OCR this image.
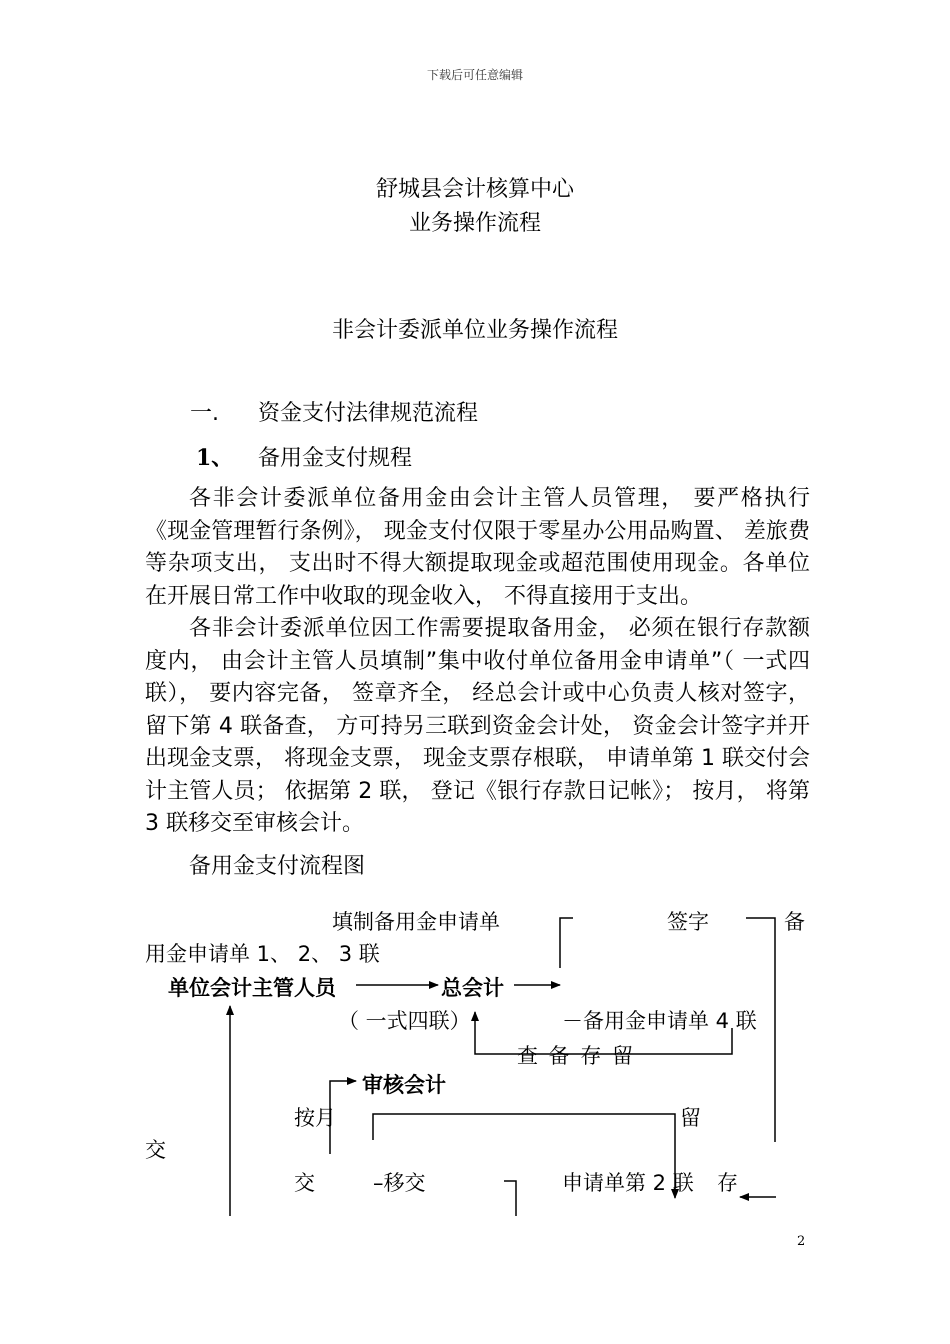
下载后可任意编辑
舒城县会计核算中心
业务操作流程
非会计委派单位业务操作流程
一. 资金支付法律规范流程
1、 备用金支付规程

各非会计委派单位备用金由会计主管人员管理， 要严格执行《现金管理暂行条例》， 现金支付仅限于零星办公用品购置、 差旅费等杂项支出， 支出时不得大额提取现金或超范围使用现金。各单位在开展日常工作中收取的现金收入， 不得直接用于支出。

各非会计委派单位因工作需要提取备用金， 必须在银行存款额度内， 由会计主管人员填制”集中收付单位备用金申请单”（ 一式四联）， 要内容完备， 签章齐全， 经总会计或中心负责人核对签字， 留下第 4 联备查， 方可持另三联到资金会计处， 资金会计签字并开出现金支票， 将现金支票， 现金支票存根联， 申请单第 1 联交付会计主管人员； 依据第 2 联， 登记《银行存款日记帐》； 按月， 将第 3 联移交至审核会计。

备用金支付流程图
填制备用金申请单	签字	备
用金申请单 1、 2、 3 联
单位会计主管人员	总会计
（ 一式四联）	－备用金申请单 4 联
查 备 存 留
审核会计
按月	留
交
交	–移交	申请单第 2 联 存
2
